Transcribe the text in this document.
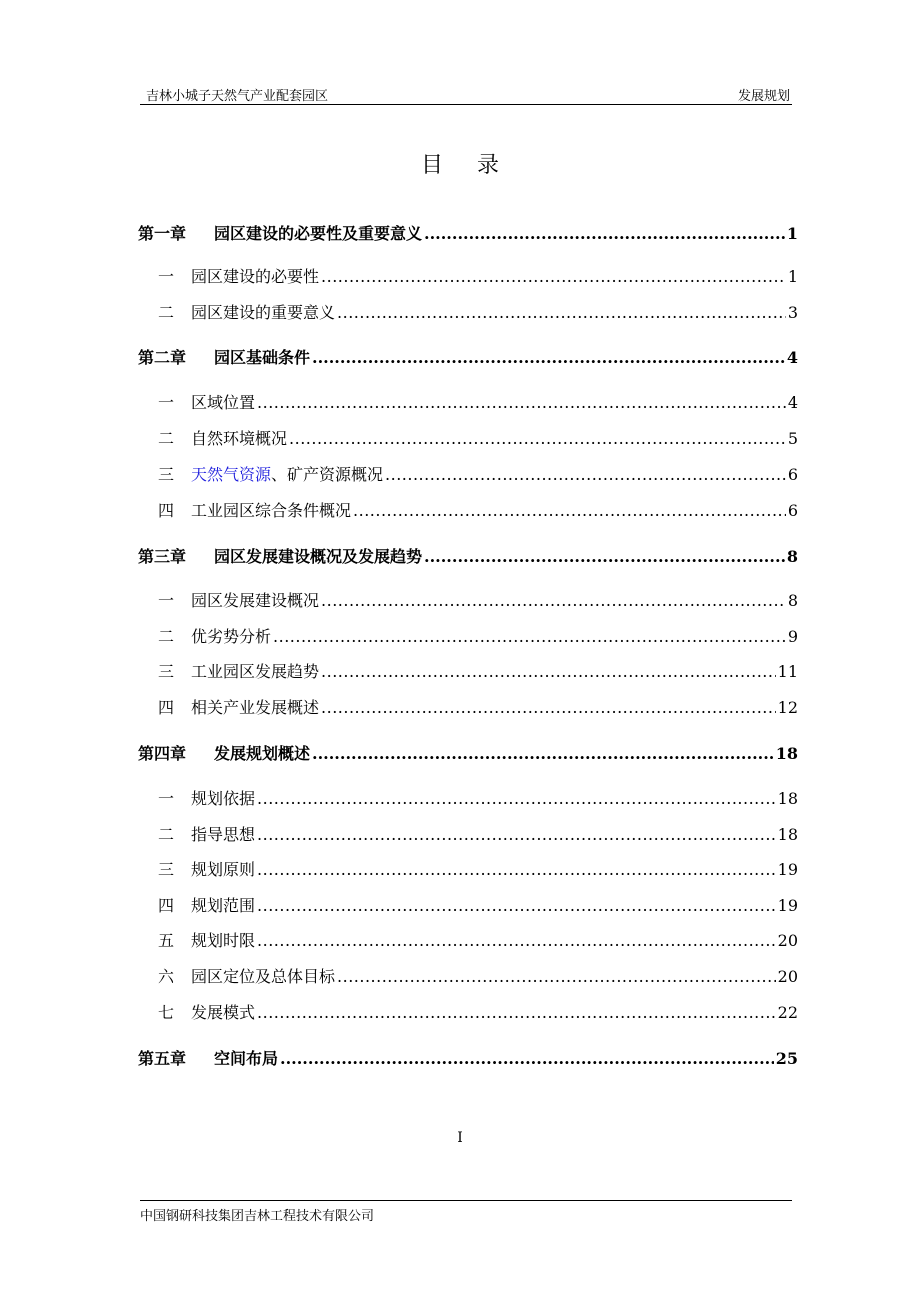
吉林小城子天然气产业配套园区	发展规划
目录
第一章	园区建设的必要性及重要意义 .....	1
一	园区建设的必要性 .....	1
二	园区建设的重要意义 .....	3
第二章	园区基础条件 .....	4
一	区域位置 .....	4
二	自然环境概况 .....	5
三	天然气资源、矿产资源概况 .....	6
四	工业园区综合条件概况 .....	6
第三章	园区发展建设概况及发展趋势 .....	8
一	园区发展建设概况 .....	8
二	优劣势分析 .....	9
三	工业园区发展趋势 .....	11
四	相关产业发展概述 .....	12
第四章	发展规划概述 .....	18
一	规划依据 .....	18
二	指导思想 .....	18
三	规划原则 .....	19
四	规划范围 .....	19
五	规划时限 .....	20
六	园区定位及总体目标 .....	20
七	发展模式 .....	22
第五章	空间布局 .....	25
I
中国钢研科技集团吉林工程技术有限公司
